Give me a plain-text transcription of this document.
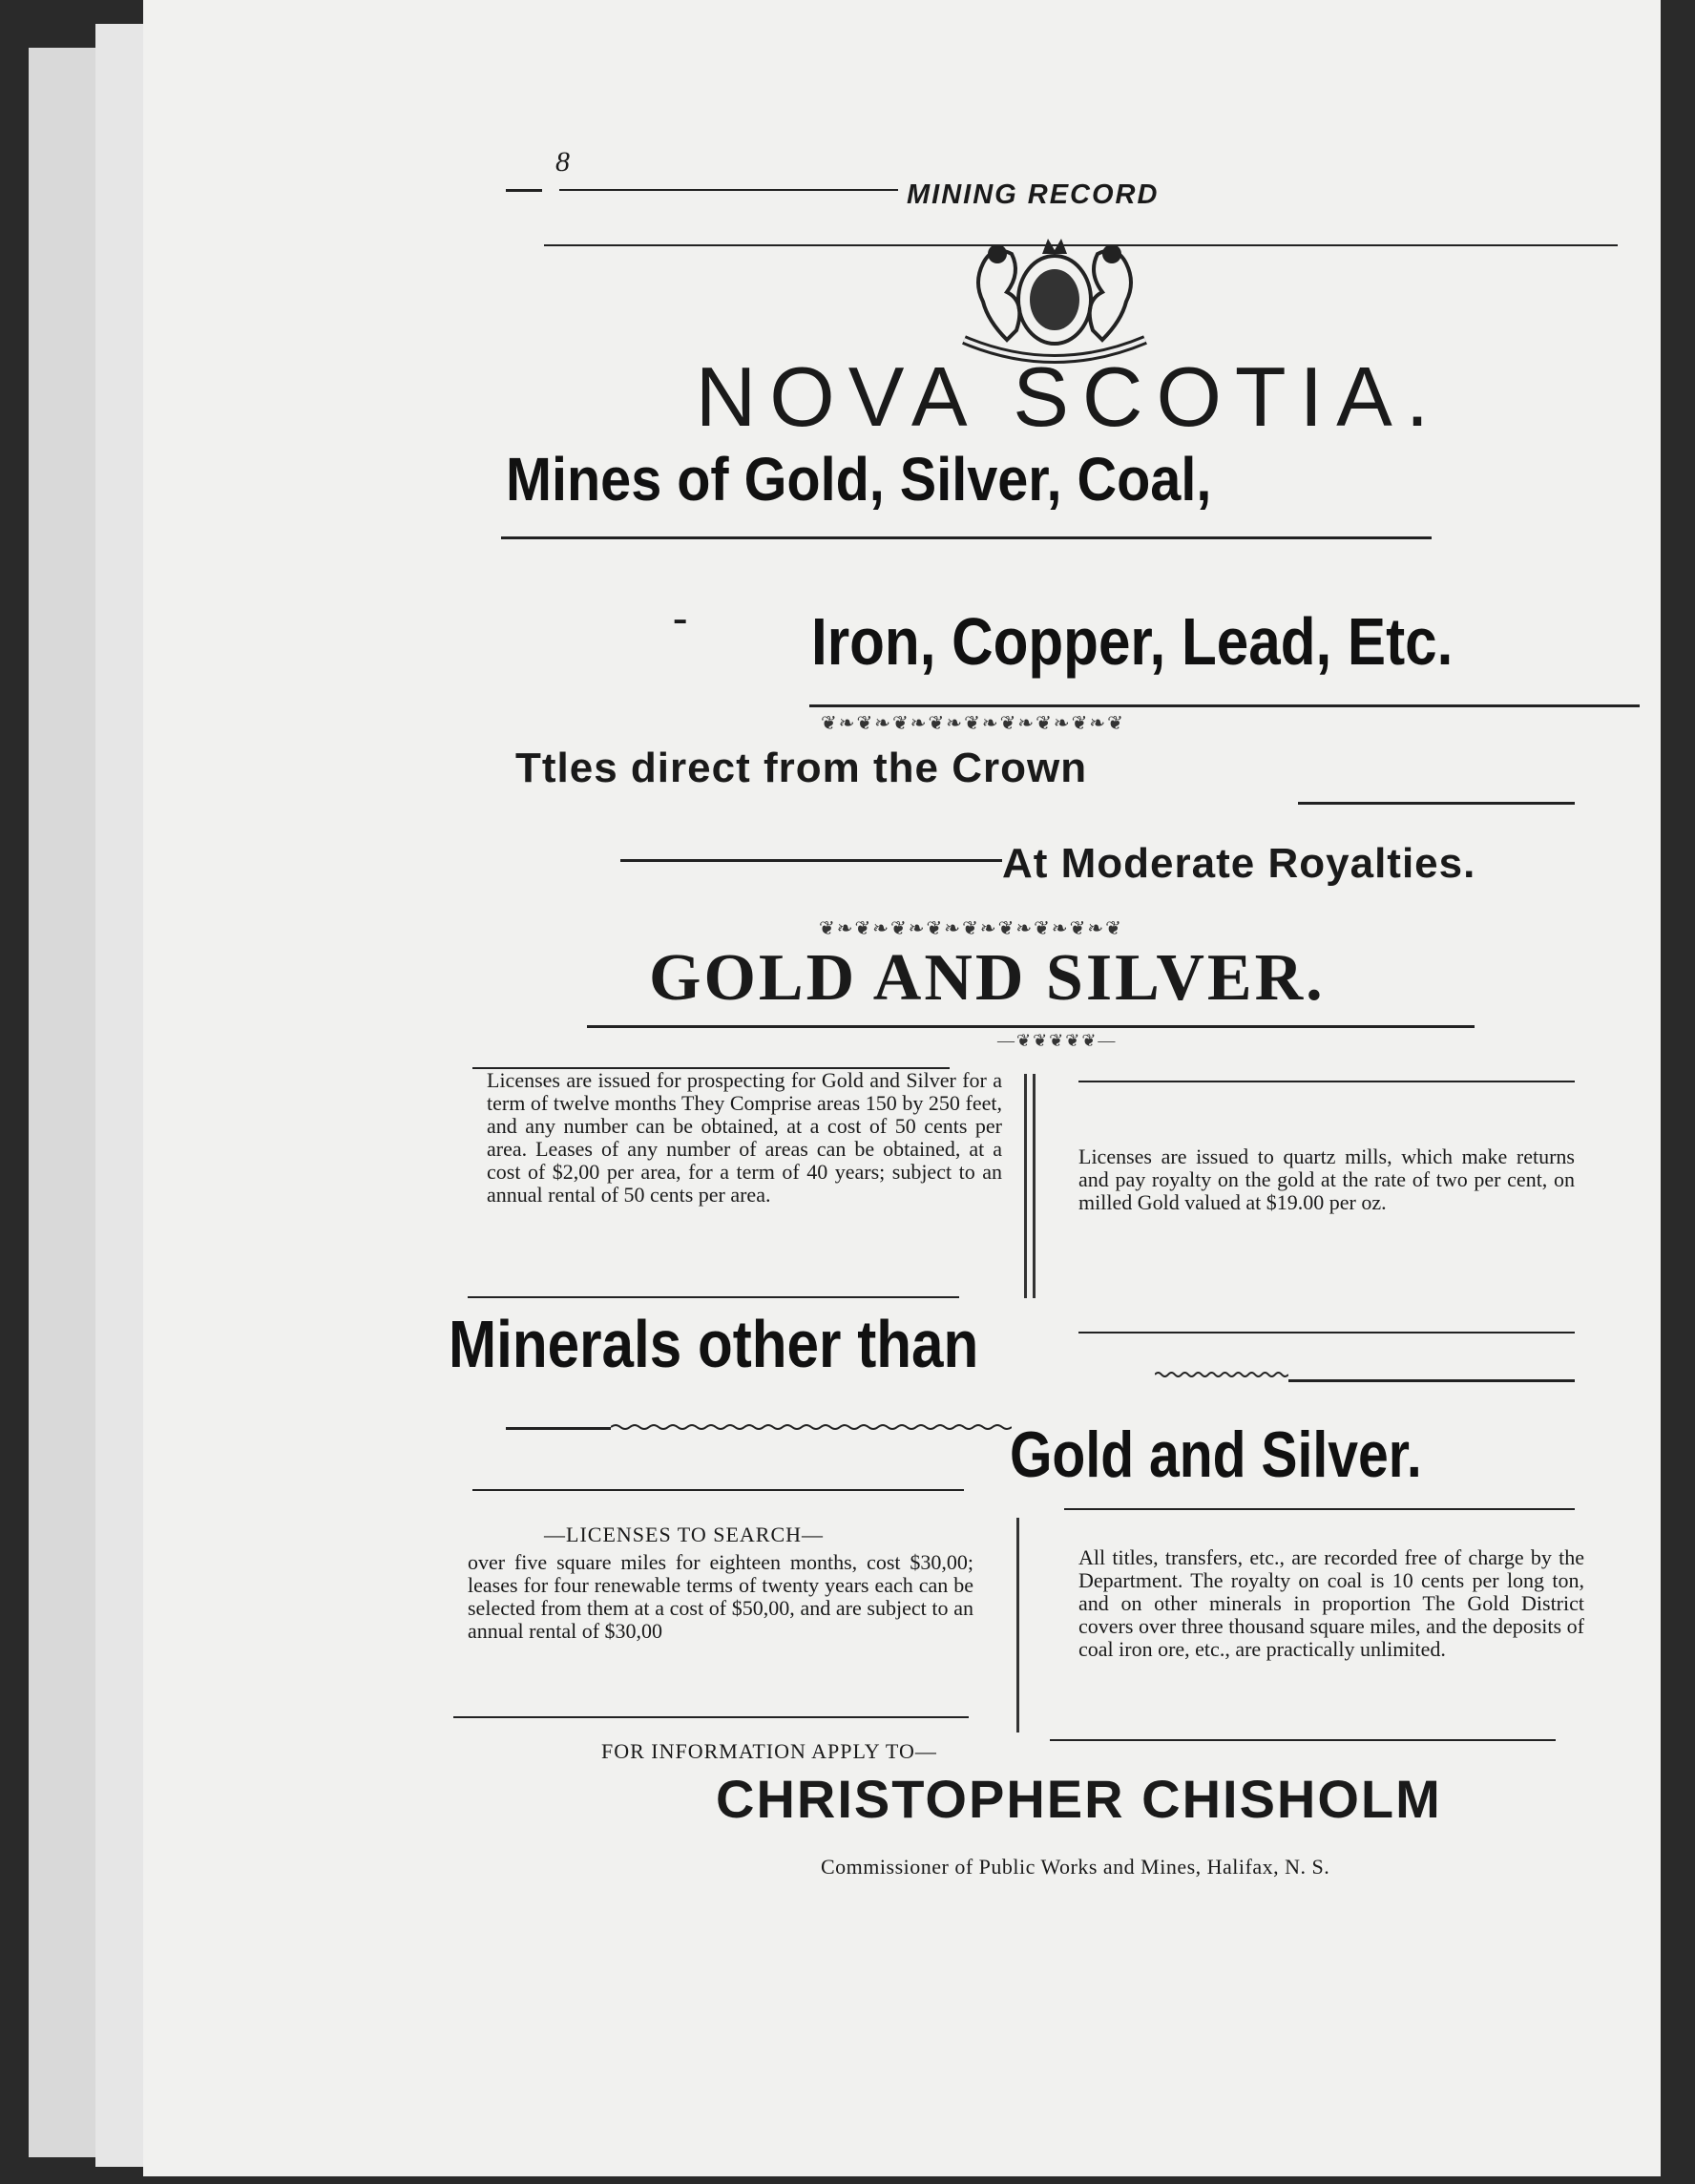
8
MINING RECORD
NOVA SCOTIA.
Mines of Gold, Silver, Coal,
- Iron, Copper, Lead, Etc.
❦❧❦❧❦❧❦❧❦❧❦❧❦❧❦❧❦
Ttles direct from the Crown
At Moderate Royalties.
❦❧❦❧❦❧❦❧❦❧❦❧❦❧❦❧❦
GOLD AND SILVER.
—❦❦❦❦❦—
Licenses are issued for prospecting for Gold and Silver for a term of twelve months They Comprise areas 150 by 250 feet, and any number can be obtained, at a cost of 50 cents per area. Leases of any number of areas can be obtained, at a cost of $2,00 per area, for a term of 40 years; subject to an annual rental of 50 cents per area.
Licenses are issued to quartz mills, which make returns and pay royalty on the gold at the rate of two per cent, on milled Gold valued at $19.00 per oz.
Minerals other than
Gold and Silver.
—LICENSES TO SEARCH—
over five square miles for eighteen months, cost $30,00; leases for four renewable terms of twenty years each can be selected from them at a cost of $50,00, and are subject to an annual rental of $30,00
All titles, transfers, etc., are recorded free of charge by the Department. The royalty on coal is 10 cents per long ton, and on other minerals in proportion The Gold District covers over three thousand square miles, and the deposits of coal iron ore, etc., are practically unlimited.
FOR INFORMATION APPLY TO—
CHRISTOPHER CHISHOLM
Commissioner of Public Works and Mines, Halifax, N. S.
